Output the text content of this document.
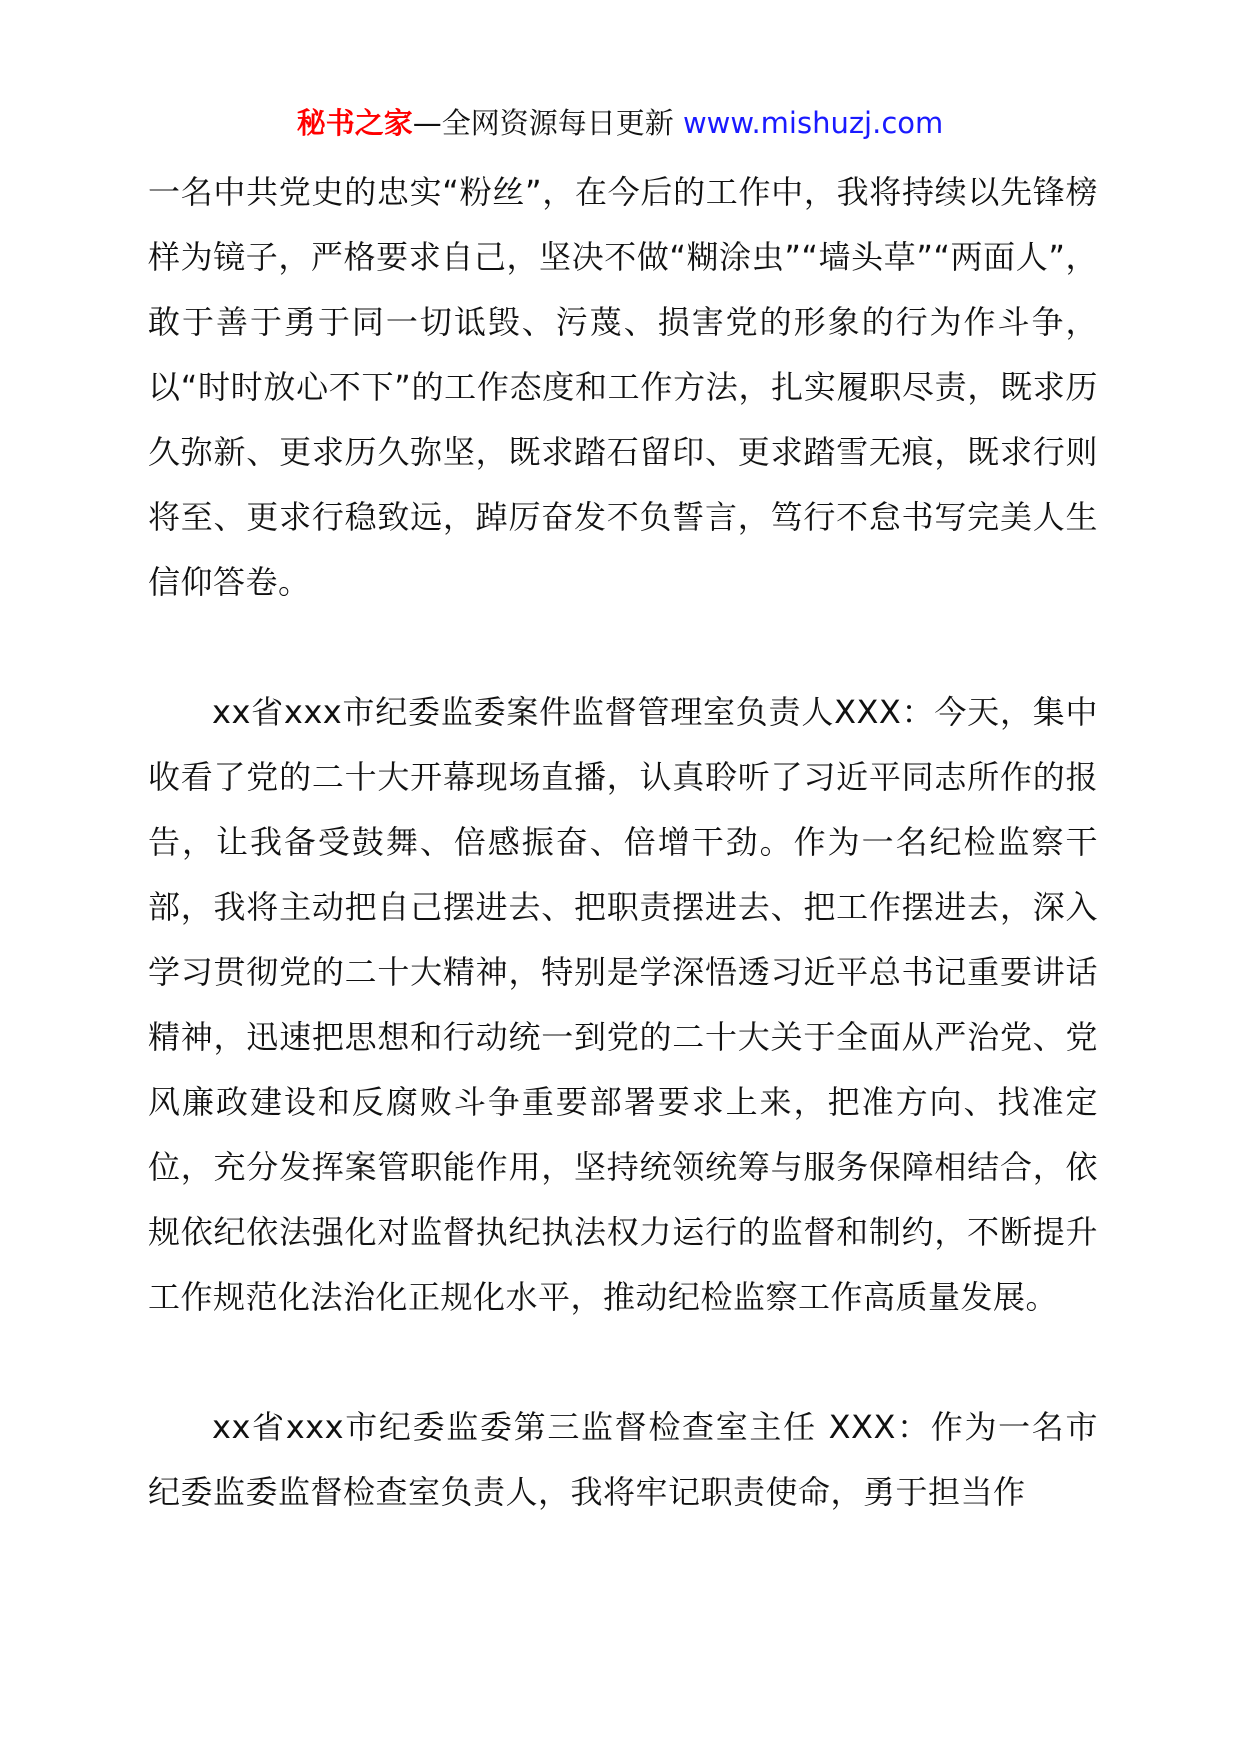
秘书之家—全网资源每日更新 www.mishuzj.com

一名中共党史的忠实“粉丝”，在今后的工作中，我将持续以先锋榜样为镜子，严格要求自己，坚决不做“糊涂虫”“墙头草”“两面人”，敢于善于勇于同一切诋毁、污蔑、损害党的形象的行为作斗争，以“时时放心不下”的工作态度和工作方法，扎实履职尽责，既求历久弥新、更求历久弥坚，既求踏石留印、更求踏雪无痕，既求行则将至、更求行稳致远，踔厉奋发不负誓言，笃行不怠书写完美人生信仰答卷。

xx省xxx市纪委监委案件监督管理室负责人XXX：今天，集中收看了党的二十大开幕现场直播，认真聆听了习近平同志所作的报告，让我备受鼓舞、倍感振奋、倍增干劲。作为一名纪检监察干部，我将主动把自己摆进去、把职责摆进去、把工作摆进去，深入学习贯彻党的二十大精神，特别是学深悟透习近平总书记重要讲话精神，迅速把思想和行动统一到党的二十大关于全面从严治党、党风廉政建设和反腐败斗争重要部署要求上来，把准方向、找准定位，充分发挥案管职能作用，坚持统领统筹与服务保障相结合，依规依纪依法强化对监督执纪执法权力运行的监督和制约，不断提升工作规范化法治化正规化水平，推动纪检监察工作高质量发展。

xx省xxx市纪委监委第三监督检查室主任 XXX：作为一名市纪委监委监督检查室负责人，我将牢记职责使命，勇于担当作
